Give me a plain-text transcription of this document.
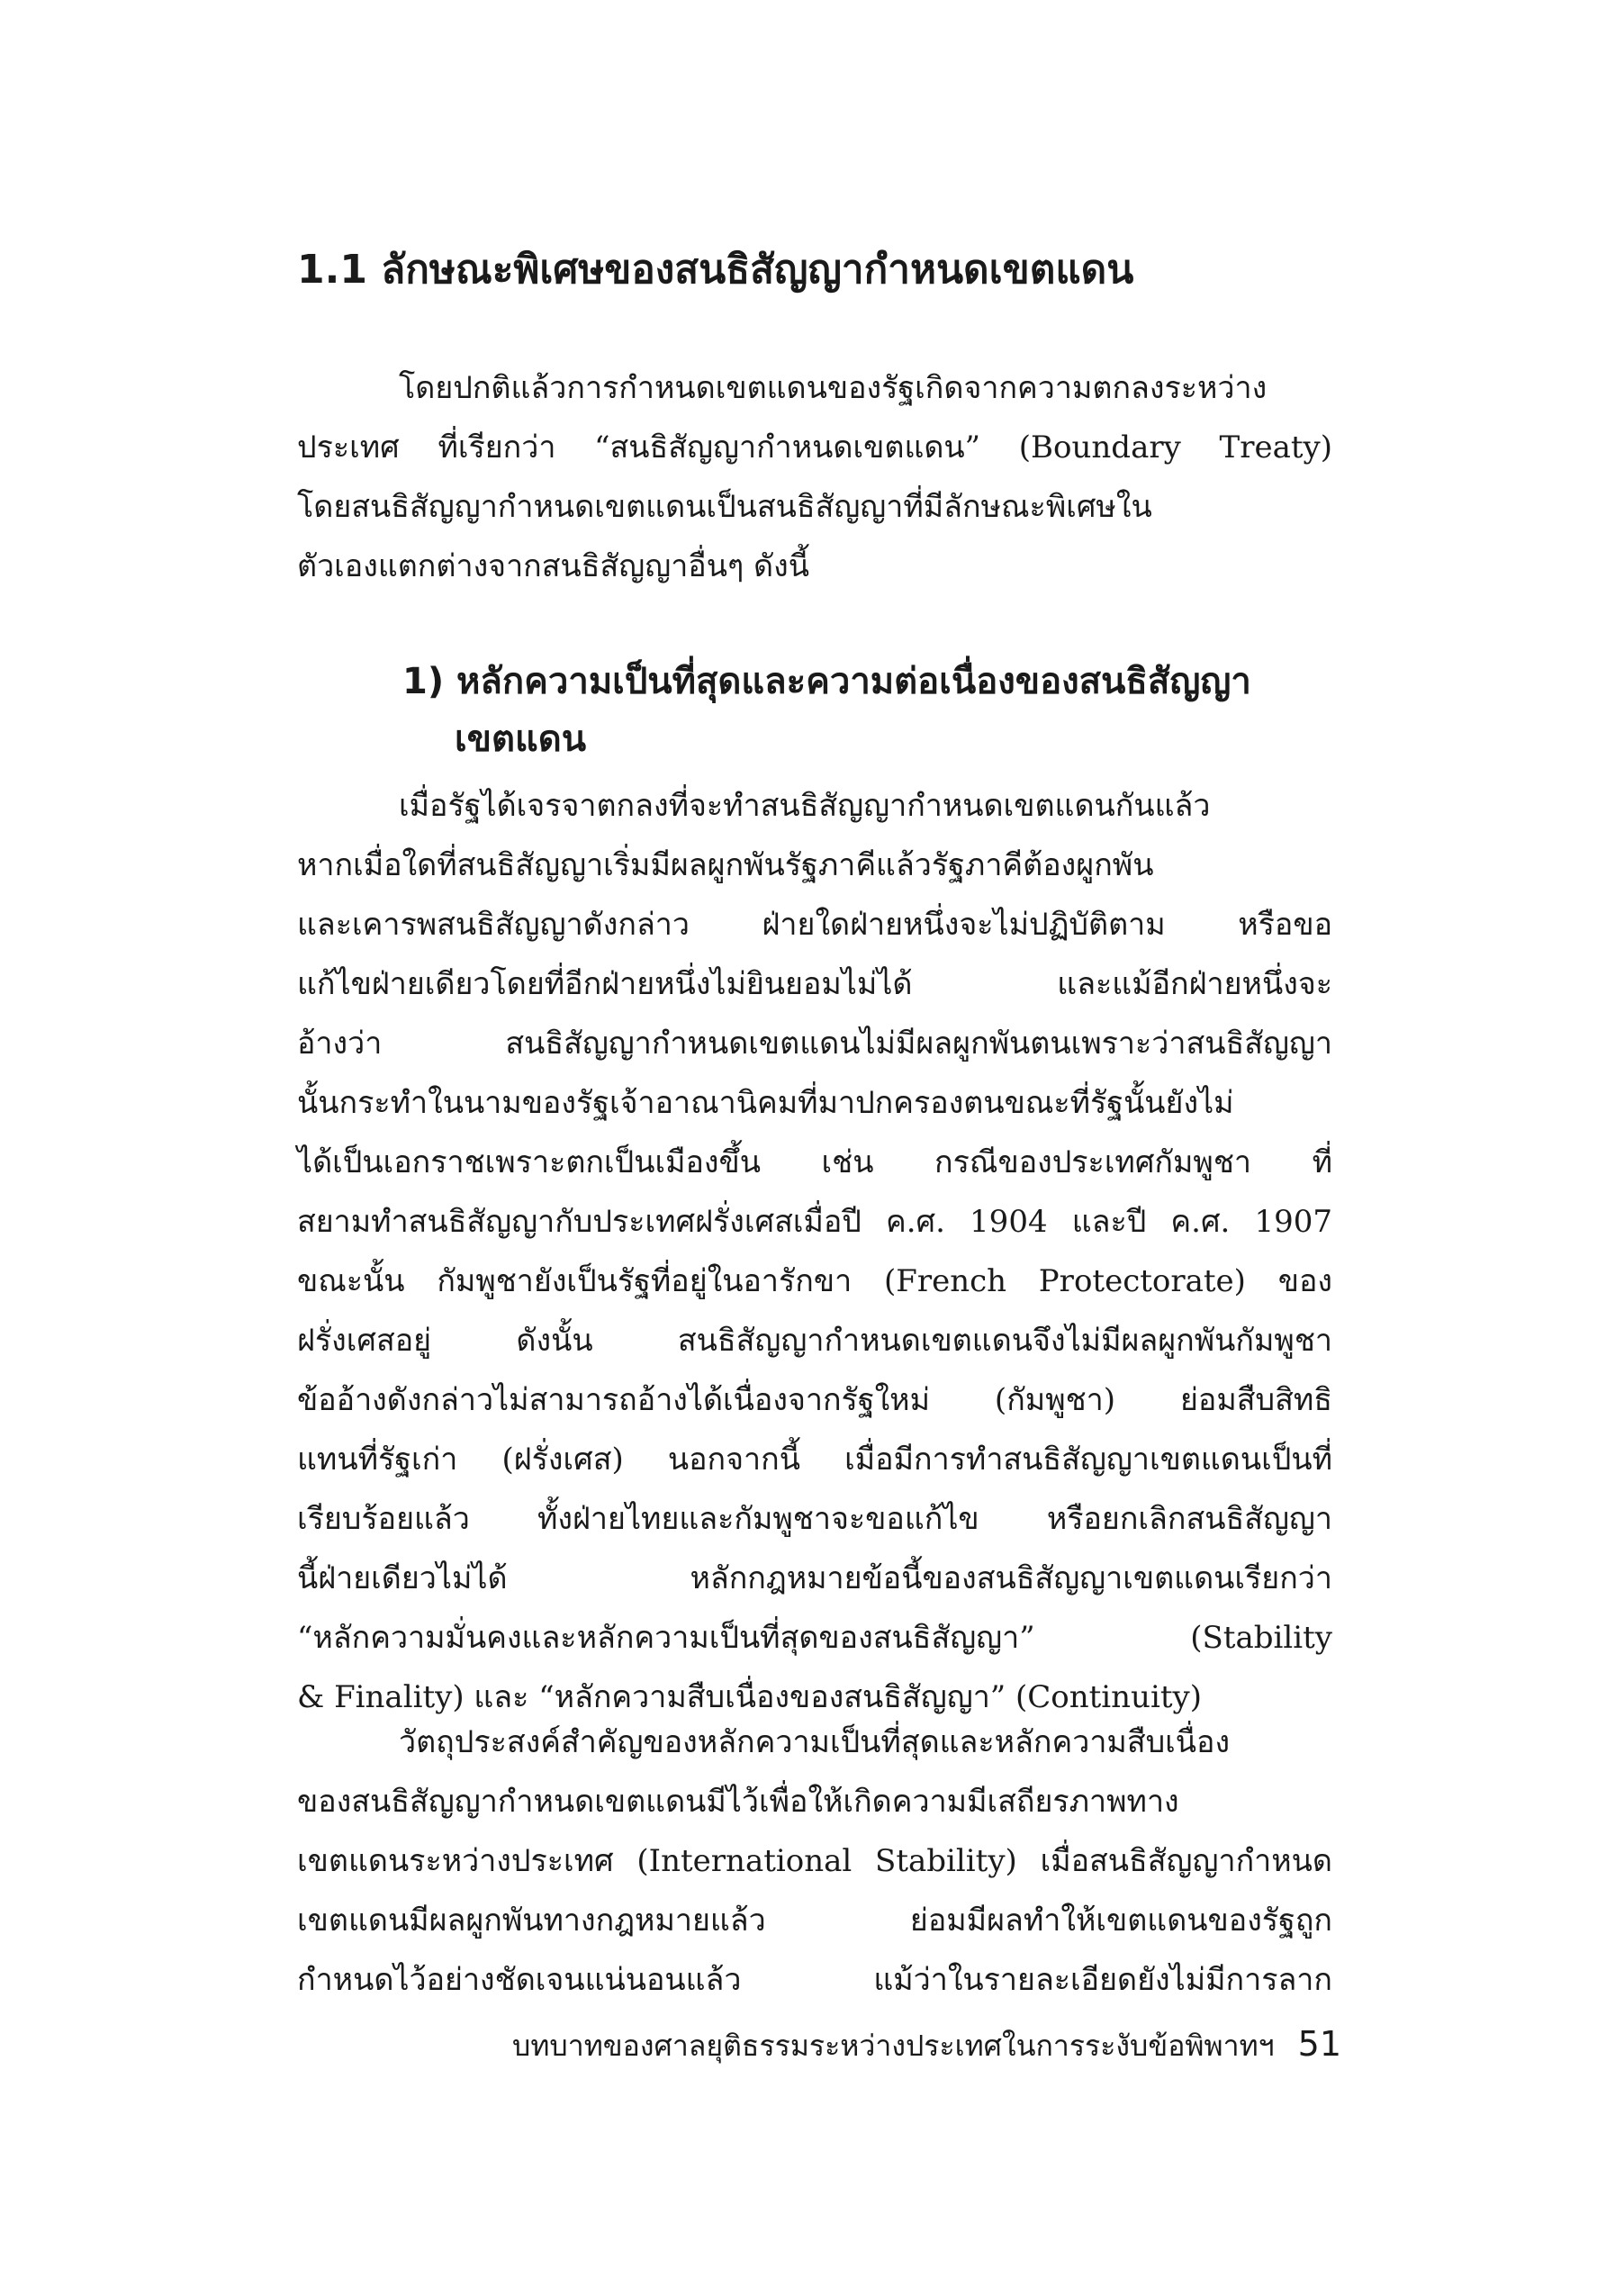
1.1 ลักษณะพิเศษของสนธิสัญญากำหนดเขตแดน

โดยปกติแล้วการกำหนดเขตแดนของรัฐเกิดจากความตกลงระหว่าง
ประเทศ ที่เรียกว่า “สนธิสัญญากำหนดเขตแดน” (Boundary Treaty)
โดยสนธิสัญญากำหนดเขตแดนเป็นสนธิสัญญาที่มีลักษณะพิเศษใน
ตัวเองแตกต่างจากสนธิสัญญาอื่นๆ ดังนี้

1) หลักความเป็นที่สุดและความต่อเนื่องของสนธิสัญญา
เขตแดน

เมื่อรัฐได้เจรจาตกลงที่จะทำสนธิสัญญากำหนดเขตแดนกันแล้ว
หากเมื่อใดที่สนธิสัญญาเริ่มมีผลผูกพันรัฐภาคีแล้วรัฐภาคีต้องผูกพัน
และเคารพสนธิสัญญาดังกล่าว ฝ่ายใดฝ่ายหนึ่งจะไม่ปฏิบัติตาม หรือขอ
แก้ไขฝ่ายเดียวโดยที่อีกฝ่ายหนึ่งไม่ยินยอมไม่ได้ และแม้อีกฝ่ายหนึ่งจะ
อ้างว่า สนธิสัญญากำหนดเขตแดนไม่มีผลผูกพันตนเพราะว่าสนธิสัญญา
นั้นกระทำในนามของรัฐเจ้าอาณานิคมที่มาปกครองตนขณะที่รัฐนั้นยังไม่
ได้เป็นเอกราชเพราะตกเป็นเมืองขึ้น เช่น กรณีของประเทศกัมพูชา ที่
สยามทำสนธิสัญญากับประเทศฝรั่งเศสเมื่อปี ค.ศ. 1904 และปี ค.ศ. 1907
ขณะนั้น กัมพูชายังเป็นรัฐที่อยู่ในอารักขา (French Protectorate) ของ
ฝรั่งเศสอยู่ ดังนั้น สนธิสัญญากำหนดเขตแดนจึงไม่มีผลผูกพันกัมพูชา
ข้ออ้างดังกล่าวไม่สามารถอ้างได้เนื่องจากรัฐใหม่ (กัมพูชา) ย่อมสืบสิทธิ
แทนที่รัฐเก่า (ฝรั่งเศส) นอกจากนี้ เมื่อมีการทำสนธิสัญญาเขตแดนเป็นที่
เรียบร้อยแล้ว ทั้งฝ่ายไทยและกัมพูชาจะขอแก้ไข หรือยกเลิกสนธิสัญญา
นี้ฝ่ายเดียวไม่ได้ หลักกฎหมายข้อนี้ของสนธิสัญญาเขตแดนเรียกว่า
“หลักความมั่นคงและหลักความเป็นที่สุดของสนธิสัญญา” (Stability
& Finality) และ “หลักความสืบเนื่องของสนธิสัญญา” (Continuity)

วัตถุประสงค์สำคัญของหลักความเป็นที่สุดและหลักความสืบเนื่อง
ของสนธิสัญญากำหนดเขตแดนมีไว้เพื่อให้เกิดความมีเสถียรภาพทาง
เขตแดนระหว่างประเทศ (International Stability) เมื่อสนธิสัญญากำหนด
เขตแดนมีผลผูกพันทางกฎหมายแล้ว ย่อมมีผลทำให้เขตแดนของรัฐถูก
กำหนดไว้อย่างชัดเจนแน่นอนแล้ว แม้ว่าในรายละเอียดยังไม่มีการลาก

บทบาทของศาลยุติธรรมระหว่างประเทศในการระงับข้อพิพาทฯ 51
